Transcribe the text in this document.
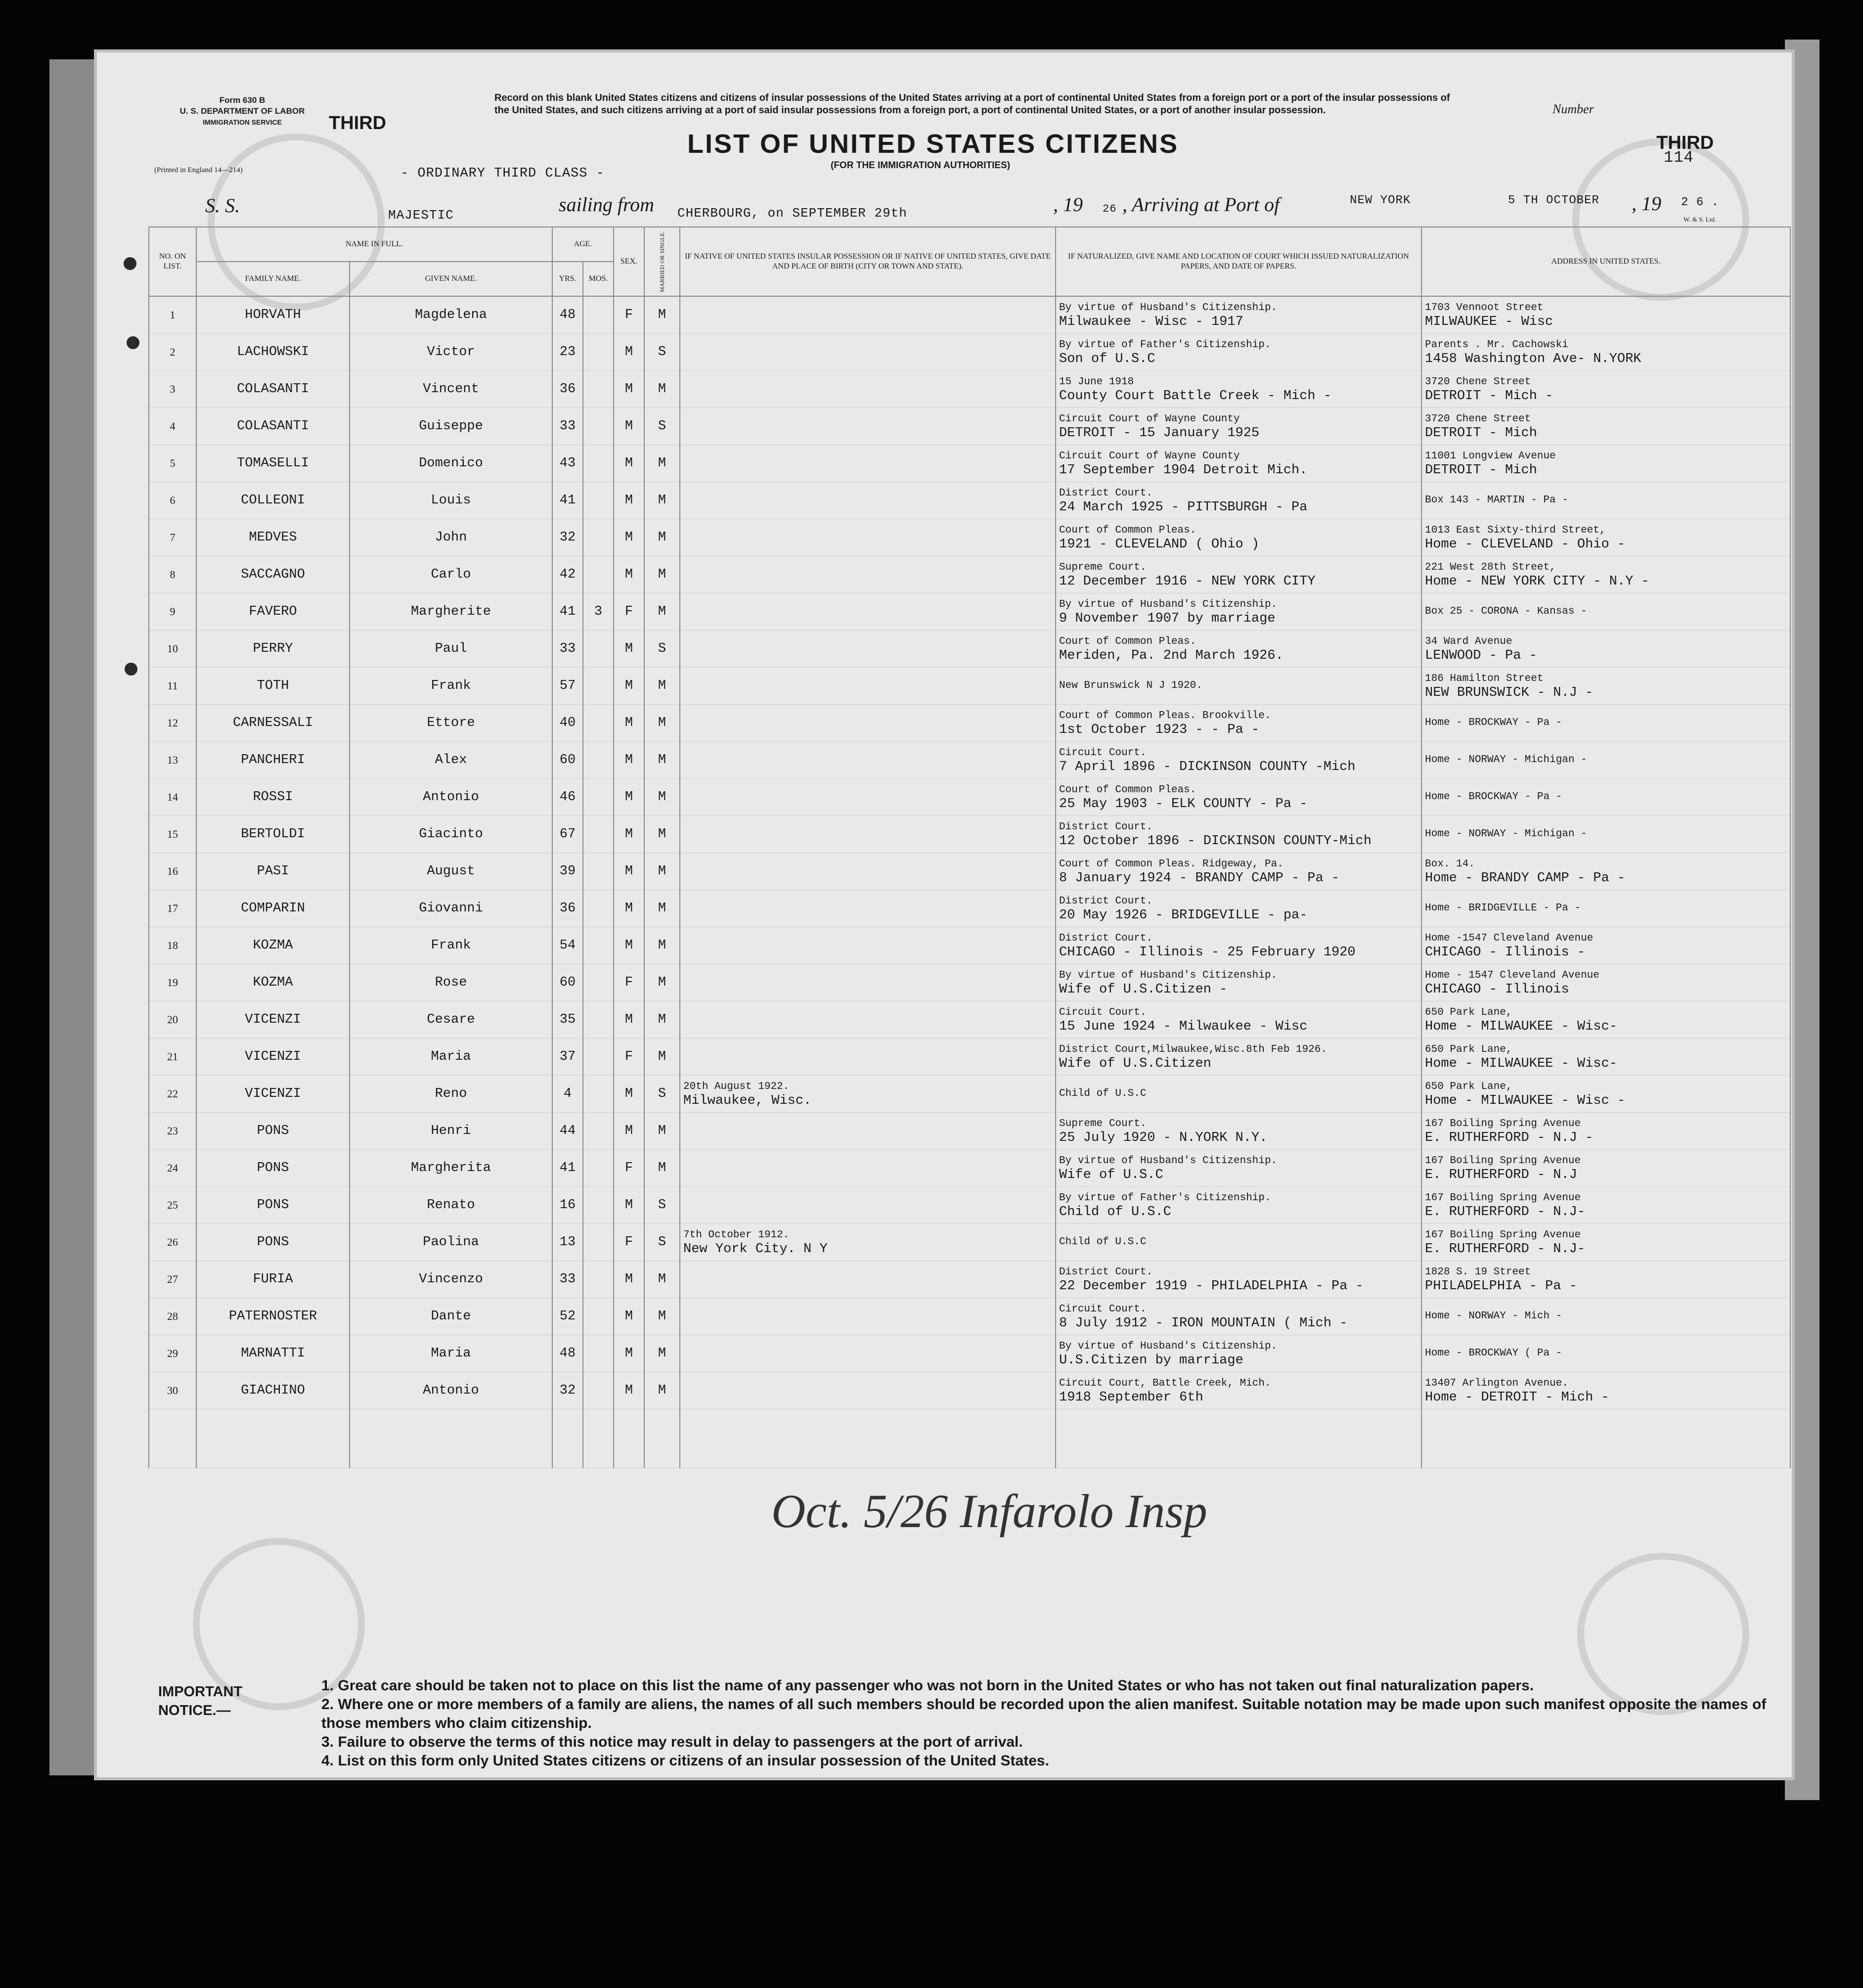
Form 630 B
U. S. DEPARTMENT OF LABOR
IMMIGRATION SERVICE	THIRD
(Printed in England 14—214)
Record on this blank United States citizens and citizens of insular possessions of the United States arriving at a port of continental United States from a foreign port or a port of the insular possessions of the United States, and such citizens arriving at a port of said insular possessions from a foreign port, a port of continental United States, or a port of another insular possession.	Number
THIRD
114
LIST OF UNITED STATES CITIZENS
(FOR THE IMMIGRATION AUTHORITIES)
- ORDINARY THIRD CLASS -
S. S.	MAJESTIC	sailing from CHERBOURG, on SEPTEMBER 29th	, 19 26 , Arriving at Port of	NEW YORK	5 TH OCTOBER , 19 2 6 .
W. & S. Ltd.
NO. ON LIST.	NAME IN FULL.		AGE.		SEX.	MARRIED OR SINGLE.	IF NATIVE OF UNITED STATES INSULAR POSSESSION OR IF NATIVE OF UNITED STATES, GIVE DATE AND PLACE OF BIRTH (CITY OR TOWN AND STATE).	IF NATURALIZED, GIVE NAME AND LOCATION OF COURT WHICH ISSUED NATURALIZATION PAPERS, AND DATE OF PAPERS.	ADDRESS IN UNITED STATES.
	FAMILY NAME.	GIVEN NAME.	YRS.	MOS.					
1	HORVATH	Magdelena	48		F	M		By virtue of Husband's Citizenship.
Milwaukee - Wisc - 1917	1703 Vennoot Street
MILWAUKEE - Wisc

2	LACHOWSKI	Victor	23		M	S		By virtue of Father's Citizenship.
Son of U.S.C	Parents . Mr. Cachowski
1458 Washington Ave- N.YORK

3	COLASANTI	Vincent	36		M	M		15 June 1918
County Court Battle Creek - Mich -	3720 Chene Street
DETROIT - Mich -

4	COLASANTI	Guiseppe	33		M	S		Circuit Court of Wayne County
DETROIT - 15 January 1925	3720 Chene Street
DETROIT - Mich

5	TOMASELLI	Domenico	43		M	M		Circuit Court of Wayne County
17 September 1904 Detroit Mich.	11001 Longview Avenue
DETROIT - Mich

6	COLLEONI	Louis	41		M	M		District Court.
24 March 1925 - PITTSBURGH - Pa	Box 143 - MARTIN - Pa -

7	MEDVES	John	32		M	M		Court of Common Pleas.
1921 - CLEVELAND ( Ohio )	1013 East Sixty-third Street,
Home - CLEVELAND - Ohio -

8	SACCAGNO	Carlo	42		M	M		Supreme Court.
12 December 1916 - NEW YORK CITY	221 West 28th Street,
Home - NEW YORK CITY - N.Y -

9	FAVERO	Margherite	41	3	F	M		By virtue of Husband's Citizenship.
9 November 1907 by marriage	Box 25 - CORONA - Kansas -

10	PERRY	Paul	33		M	S		Court of Common Pleas.
Meriden, Pa. 2nd March 1926.	34 Ward Avenue
LENWOOD - Pa -

11	TOTH	Frank	57		M	M		New Brunswick N J 1920.	186 Hamilton Street
NEW BRUNSWICK - N.J -

12	CARNESSALI	Ettore	40		M	M		Court of Common Pleas. Brookville.
1st October 1923 - - Pa -	Home - BROCKWAY - Pa -

13	PANCHERI	Alex	60		M	M		Circuit Court.
7 April 1896 - DICKINSON COUNTY -Mich	Home - NORWAY - Michigan -

14	ROSSI	Antonio	46		M	M		Court of Common Pleas.
25 May 1903 - ELK COUNTY - Pa -	Home - BROCKWAY - Pa -

15	BERTOLDI	Giacinto	67		M	M		District Court.
12 October 1896 - DICKINSON COUNTY-Mich	Home - NORWAY - Michigan -

16	PASI	August	39		M	M		Court of Common Pleas. Ridgeway, Pa.
8 January 1924 - BRANDY CAMP - Pa -	Box. 14.
Home - BRANDY CAMP - Pa -

17	COMPARIN	Giovanni	36		M	M		District Court.
20 May 1926 - BRIDGEVILLE - pa-	Home - BRIDGEVILLE - Pa -

18	KOZMA	Frank	54		M	M		District Court.
CHICAGO - Illinois - 25 February 1920	Home -1547 Cleveland Avenue
CHICAGO - Illinois -

19	KOZMA	Rose	60		F	M		By virtue of Husband's Citizenship.
Wife of U.S.Citizen -	Home - 1547 Cleveland Avenue
CHICAGO - Illinois

20	VICENZI	Cesare	35		M	M		Circuit Court.
15 June 1924 - Milwaukee - Wisc	650 Park Lane,
Home - MILWAUKEE - Wisc-

21	VICENZI	Maria	37		F	M		District Court,Milwaukee,Wisc.8th Feb 1926.
Wife of U.S.Citizen	650 Park Lane,
Home - MILWAUKEE - Wisc-

22	VICENZI	Reno	4		M	S	20th August 1922.
Milwaukee, Wisc.	Child of U.S.C	650 Park Lane,
Home - MILWAUKEE - Wisc -

23	PONS	Henri	44		M	M		Supreme Court.
25 July 1920 - N.YORK N.Y.	167 Boiling Spring Avenue
E. RUTHERFORD - N.J -

24	PONS	Margherita	41		F	M		By virtue of Husband's Citizenship.
Wife of U.S.C	167 Boiling Spring Avenue
E. RUTHERFORD - N.J

25	PONS	Renato	16		M	S		By virtue of Father's Citizenship.
Child of U.S.C	167 Boiling Spring Avenue
E. RUTHERFORD - N.J-

26	PONS	Paolina	13		F	S	7th October 1912.
New York City. N Y	Child of U.S.C	167 Boiling Spring Avenue
E. RUTHERFORD - N.J-

27	FURIA	Vincenzo	33		M	M		District Court.
22 December 1919 - PHILADELPHIA - Pa -	1828 S. 19 Street
PHILADELPHIA - Pa -

28	PATERNOSTER	Dante	52		M	M		Circuit Court.
8 July 1912 - IRON MOUNTAIN ( Mich -	Home - NORWAY - Mich -

29	MARNATTI	Maria	48		M	M		By virtue of Husband's Citizenship.
U.S.Citizen by marriage	Home - BROCKWAY ( Pa -

30	GIACHINO	Antonio	32		M	M		Circuit Court, Battle Creek, Mich.
1918 September 6th	13407 Arlington Avenue.
Home - DETROIT - Mich -

Oct. 5/26 Infarolo Insp
IMPORTANT NOTICE.—
1. Great care should be taken not to place on this list the name of any passenger who was not born in the United States or who has not taken out final naturalization papers.
2. Where one or more members of a family are aliens, the names of all such members should be recorded upon the alien manifest. Suitable notation may be made upon such manifest opposite the names of those members who claim citizenship.
3. Failure to observe the terms of this notice may result in delay to passengers at the port of arrival.
4. List on this form only United States citizens or citizens of an insular possession of the United States.
